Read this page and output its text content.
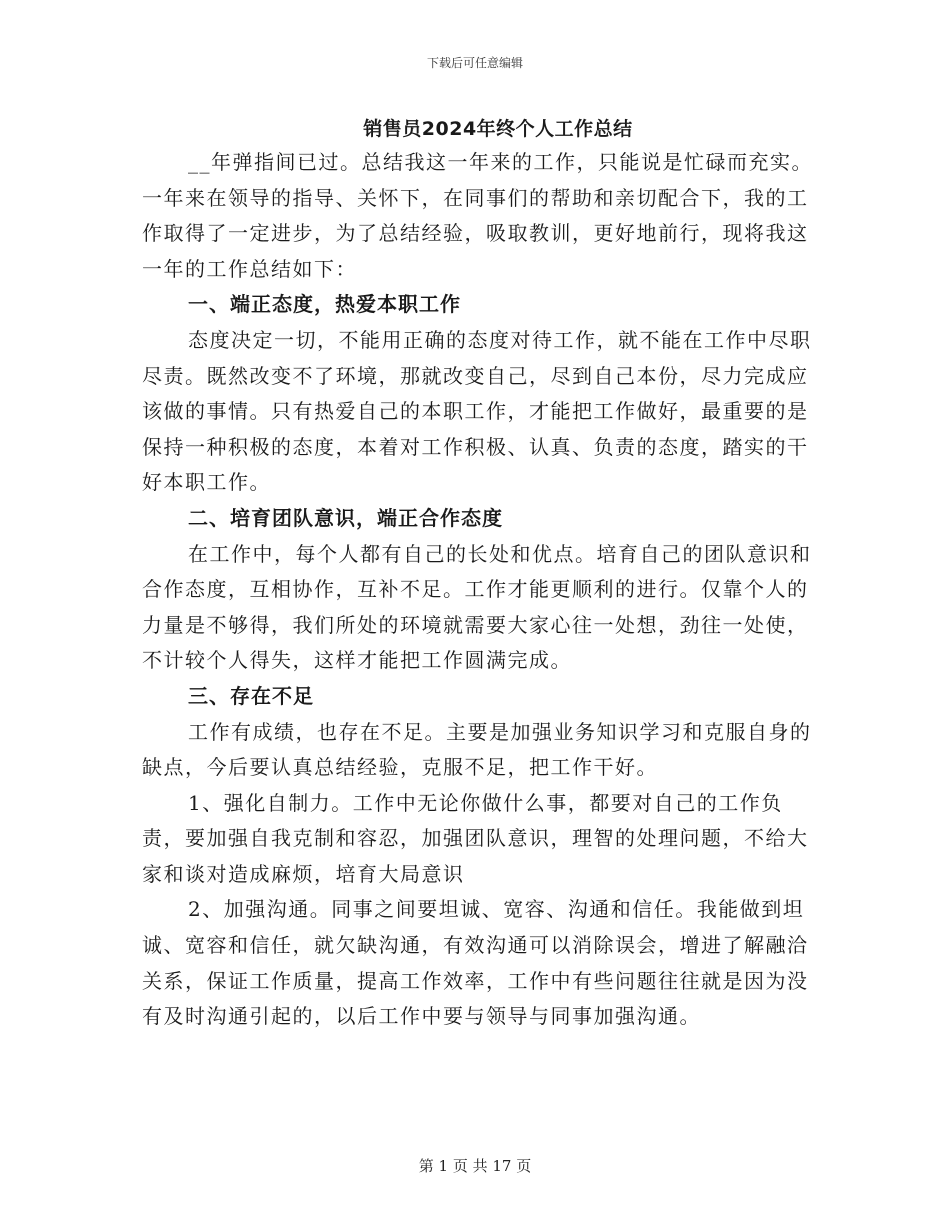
下载后可任意编辑
销售员2024年终个人工作总结

__年弹指间已过。总结我这一年来的工作，只能说是忙碌而充实。一年来在领导的指导、关怀下，在同事们的帮助和亲切配合下，我的工作取得了一定进步，为了总结经验，吸取教训，更好地前行，现将我这一年的工作总结如下：

一、端正态度，热爱本职工作

态度决定一切，不能用正确的态度对待工作，就不能在工作中尽职尽责。既然改变不了环境，那就改变自己，尽到自己本份，尽力完成应该做的事情。只有热爱自己的本职工作，才能把工作做好，最重要的是保持一种积极的态度，本着对工作积极、认真、负责的态度，踏实的干好本职工作。

二、培育团队意识，端正合作态度

在工作中，每个人都有自己的长处和优点。培育自己的团队意识和合作态度，互相协作，互补不足。工作才能更顺利的进行。仅靠个人的力量是不够得，我们所处的环境就需要大家心往一处想，劲往一处使，不计较个人得失，这样才能把工作圆满完成。

三、存在不足

工作有成绩，也存在不足。主要是加强业务知识学习和克服自身的缺点，今后要认真总结经验，克服不足，把工作干好。

1、强化自制力。工作中无论你做什么事，都要对自己的工作负责，要加强自我克制和容忍，加强团队意识，理智的处理问题，不给大家和谈对造成麻烦，培育大局意识

2、加强沟通。同事之间要坦诚、宽容、沟通和信任。我能做到坦诚、宽容和信任，就欠缺沟通，有效沟通可以消除误会，增进了解融洽关系，保证工作质量，提高工作效率，工作中有些问题往往就是因为没有及时沟通引起的，以后工作中要与领导与同事加强沟通。

第 1 页 共 17 页
